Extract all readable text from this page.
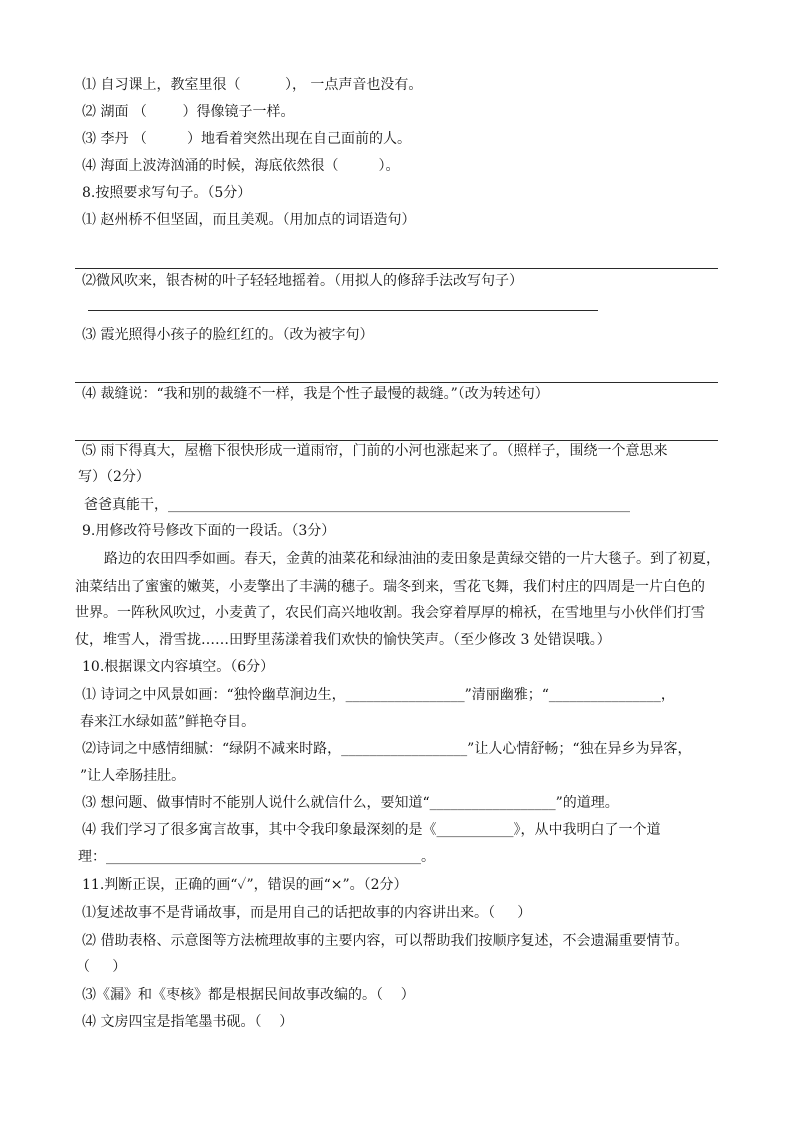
⑴ 自习课上，教室里很（          ）， 一点声音也没有。
⑵ 湖面 （        ）得像镜子一样。
⑶ 李丹 （         ）地看着突然出现在自己面前的人。
⑷ 海面上波涛汹涌的时候，海底依然很（         ）。
8.按照要求写句子。（5分）
⑴ 赵州桥不但坚固，而且美观。（用加点的词语造句）
⑵微风吹来，银杏树的叶子轻轻地摇着。（用拟人的修辞手法改写句子）
⑶ 霞光照得小孩子的脸红红的。（改为被字句）
⑷ 裁缝说：“我和别的裁缝不一样，我是个性子最慢的裁缝。”（改为转述句）
⑸ 雨下得真大，屋檐下很快形成一道雨帘，门前的小河也涨起来了。（照样子，围绕一个意思来
写）（2分）
爸爸真能干，__________________________________________________________________
9.用修改符号修改下面的一段话。（3分）
路边的农田四季如画。春天，金黄的油菜花和绿油油的麦田象是黄绿交错的一片大毯子。到了初夏，
油菜结出了蜜蜜的嫩荚，小麦擎出了丰满的穗子。瑞冬到来，雪花飞舞，我们村庄的四周是一片白色的
世界。一阵秋风吹过，小麦黄了，农民们高兴地收割。我会穿着厚厚的棉袄，在雪地里与小伙伴们打雪
仗，堆雪人，滑雪拢……田野里荡漾着我们欢快的愉快笑声。（至少修改 3 处错误哦。）
10.根据课文内容填空。（6分）
⑴ 诗词之中风景如画：“独怜幽草涧边生，_________________”清丽幽雅；“________________，
春来江水绿如蓝”鲜艳夺目。
⑵诗词之中感情细腻：“绿阴不减来时路，__________________”让人心情舒畅；“独在异乡为异客，
”让人牵肠挂肚。
⑶ 想问题、做事情时不能别人说什么就信什么，要知道“__________________”的道理。
⑷ 我们学习了很多寓言故事，其中令我印象最深刻的是《___________》，从中我明白了一个道
理：_____________________________________________。
11.判断正误，正确的画“✓”，错误的画“×”。（2分）
⑴复述故事不是背诵故事，而是用自己的话把故事的内容讲出来。（     ）
⑵ 借助表格、示意图等方法梳理故事的主要内容，可以帮助我们按顺序复述，不会遗漏重要情节。
（     ）
⑶《漏》和《枣核》都是根据民间故事改编的。（    ）
⑷ 文房四宝是指笔墨书砚。（    ）
